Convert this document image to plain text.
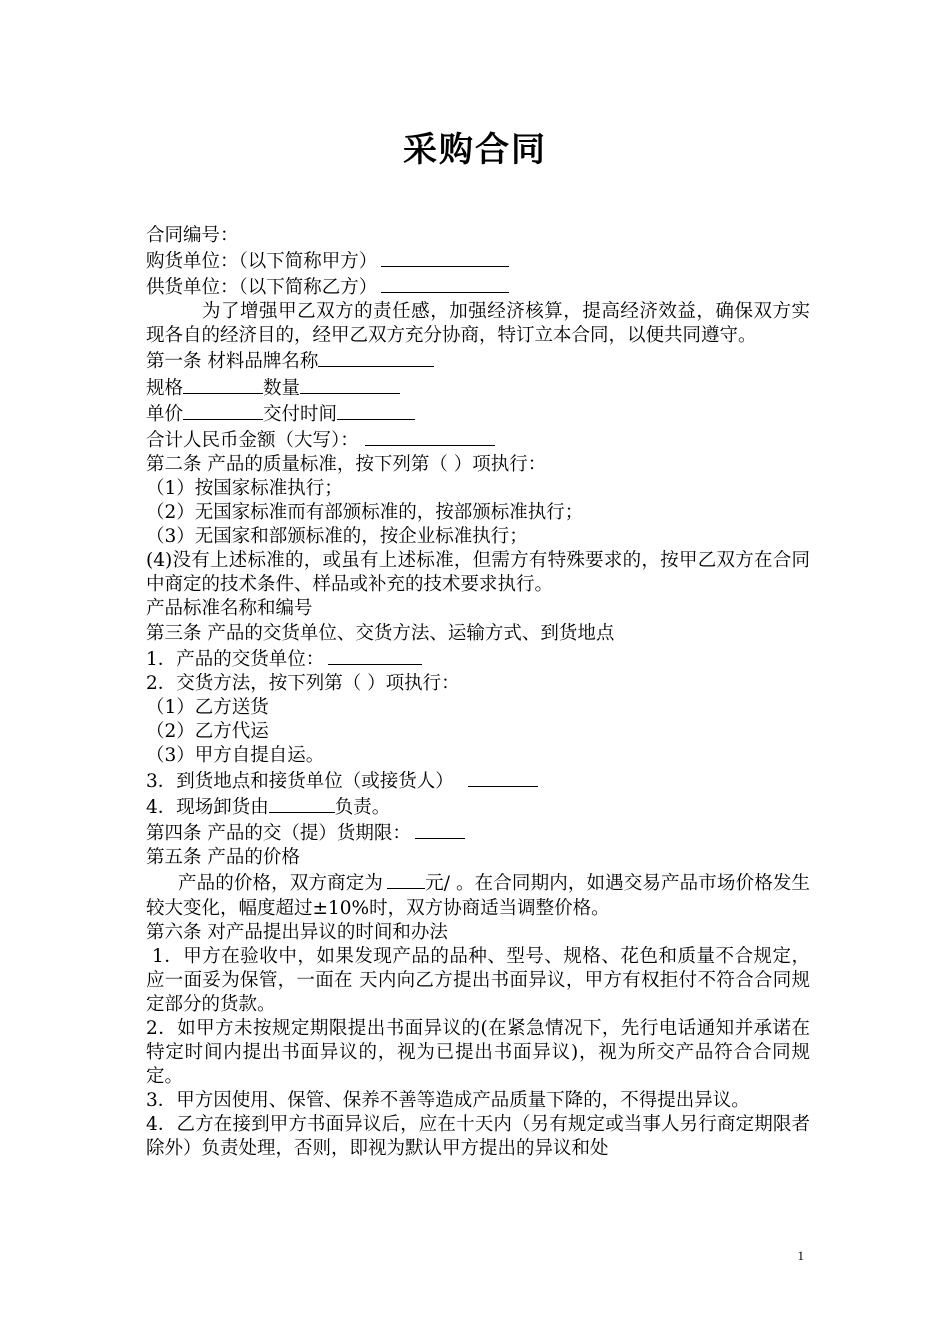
采购合同
合同编号：
购货单位：（以下简称甲方）
供货单位：（以下简称乙方）
为了增强甲乙双方的责任感，加强经济核算，提高经济效益，确保双方实现各自的经济目的，经甲乙双方充分协商，特订立本合同，以便共同遵守。
第一条 材料品牌名称
规格	数量
单价	交付时间
合计人民币金额（大写）：
第二条 产品的质量标准，按下列第（ ）项执行：
（1）按国家标准执行；
（2）无国家标准而有部颁标准的，按部颁标准执行；
（3）无国家和部颁标准的，按企业标准执行；
(4)没有上述标准的，或虽有上述标准，但需方有特殊要求的，按甲乙双方在合同中商定的技术条件、样品或补充的技术要求执行。
产品标准名称和编号
第三条 产品的交货单位、交货方法、运输方式、到货地点
1．产品的交货单位：
2．交货方法，按下列第（ ）项执行：
（1）乙方送货
（2）乙方代运
（3）甲方自提自运。
3．到货地点和接货单位（或接货人）
4．现场卸货由	负责。
第四条 产品的交（提）货期限：
第五条 产品的价格
产品的价格，双方商定为 元/ 。在合同期内，如遇交易产品市场价格发生较大变化，幅度超过±10%时，双方协商适当调整价格。
第六条 对产品提出异议的时间和办法
1．甲方在验收中，如果发现产品的品种、型号、规格、花色和质量不合规定，应一面妥为保管，一面在 天内向乙方提出书面异议，甲方有权拒付不符合合同规定部分的货款。
2．如甲方未按规定期限提出书面异议的(在紧急情况下，先行电话通知并承诺在特定时间内提出书面异议的，视为已提出书面异议)，视为所交产品符合合同规定。
3．甲方因使用、保管、保养不善等造成产品质量下降的，不得提出异议。
4．乙方在接到甲方书面异议后，应在十天内（另有规定或当事人另行商定期限者除外）负责处理，否则，即视为默认甲方提出的异议和处
1
